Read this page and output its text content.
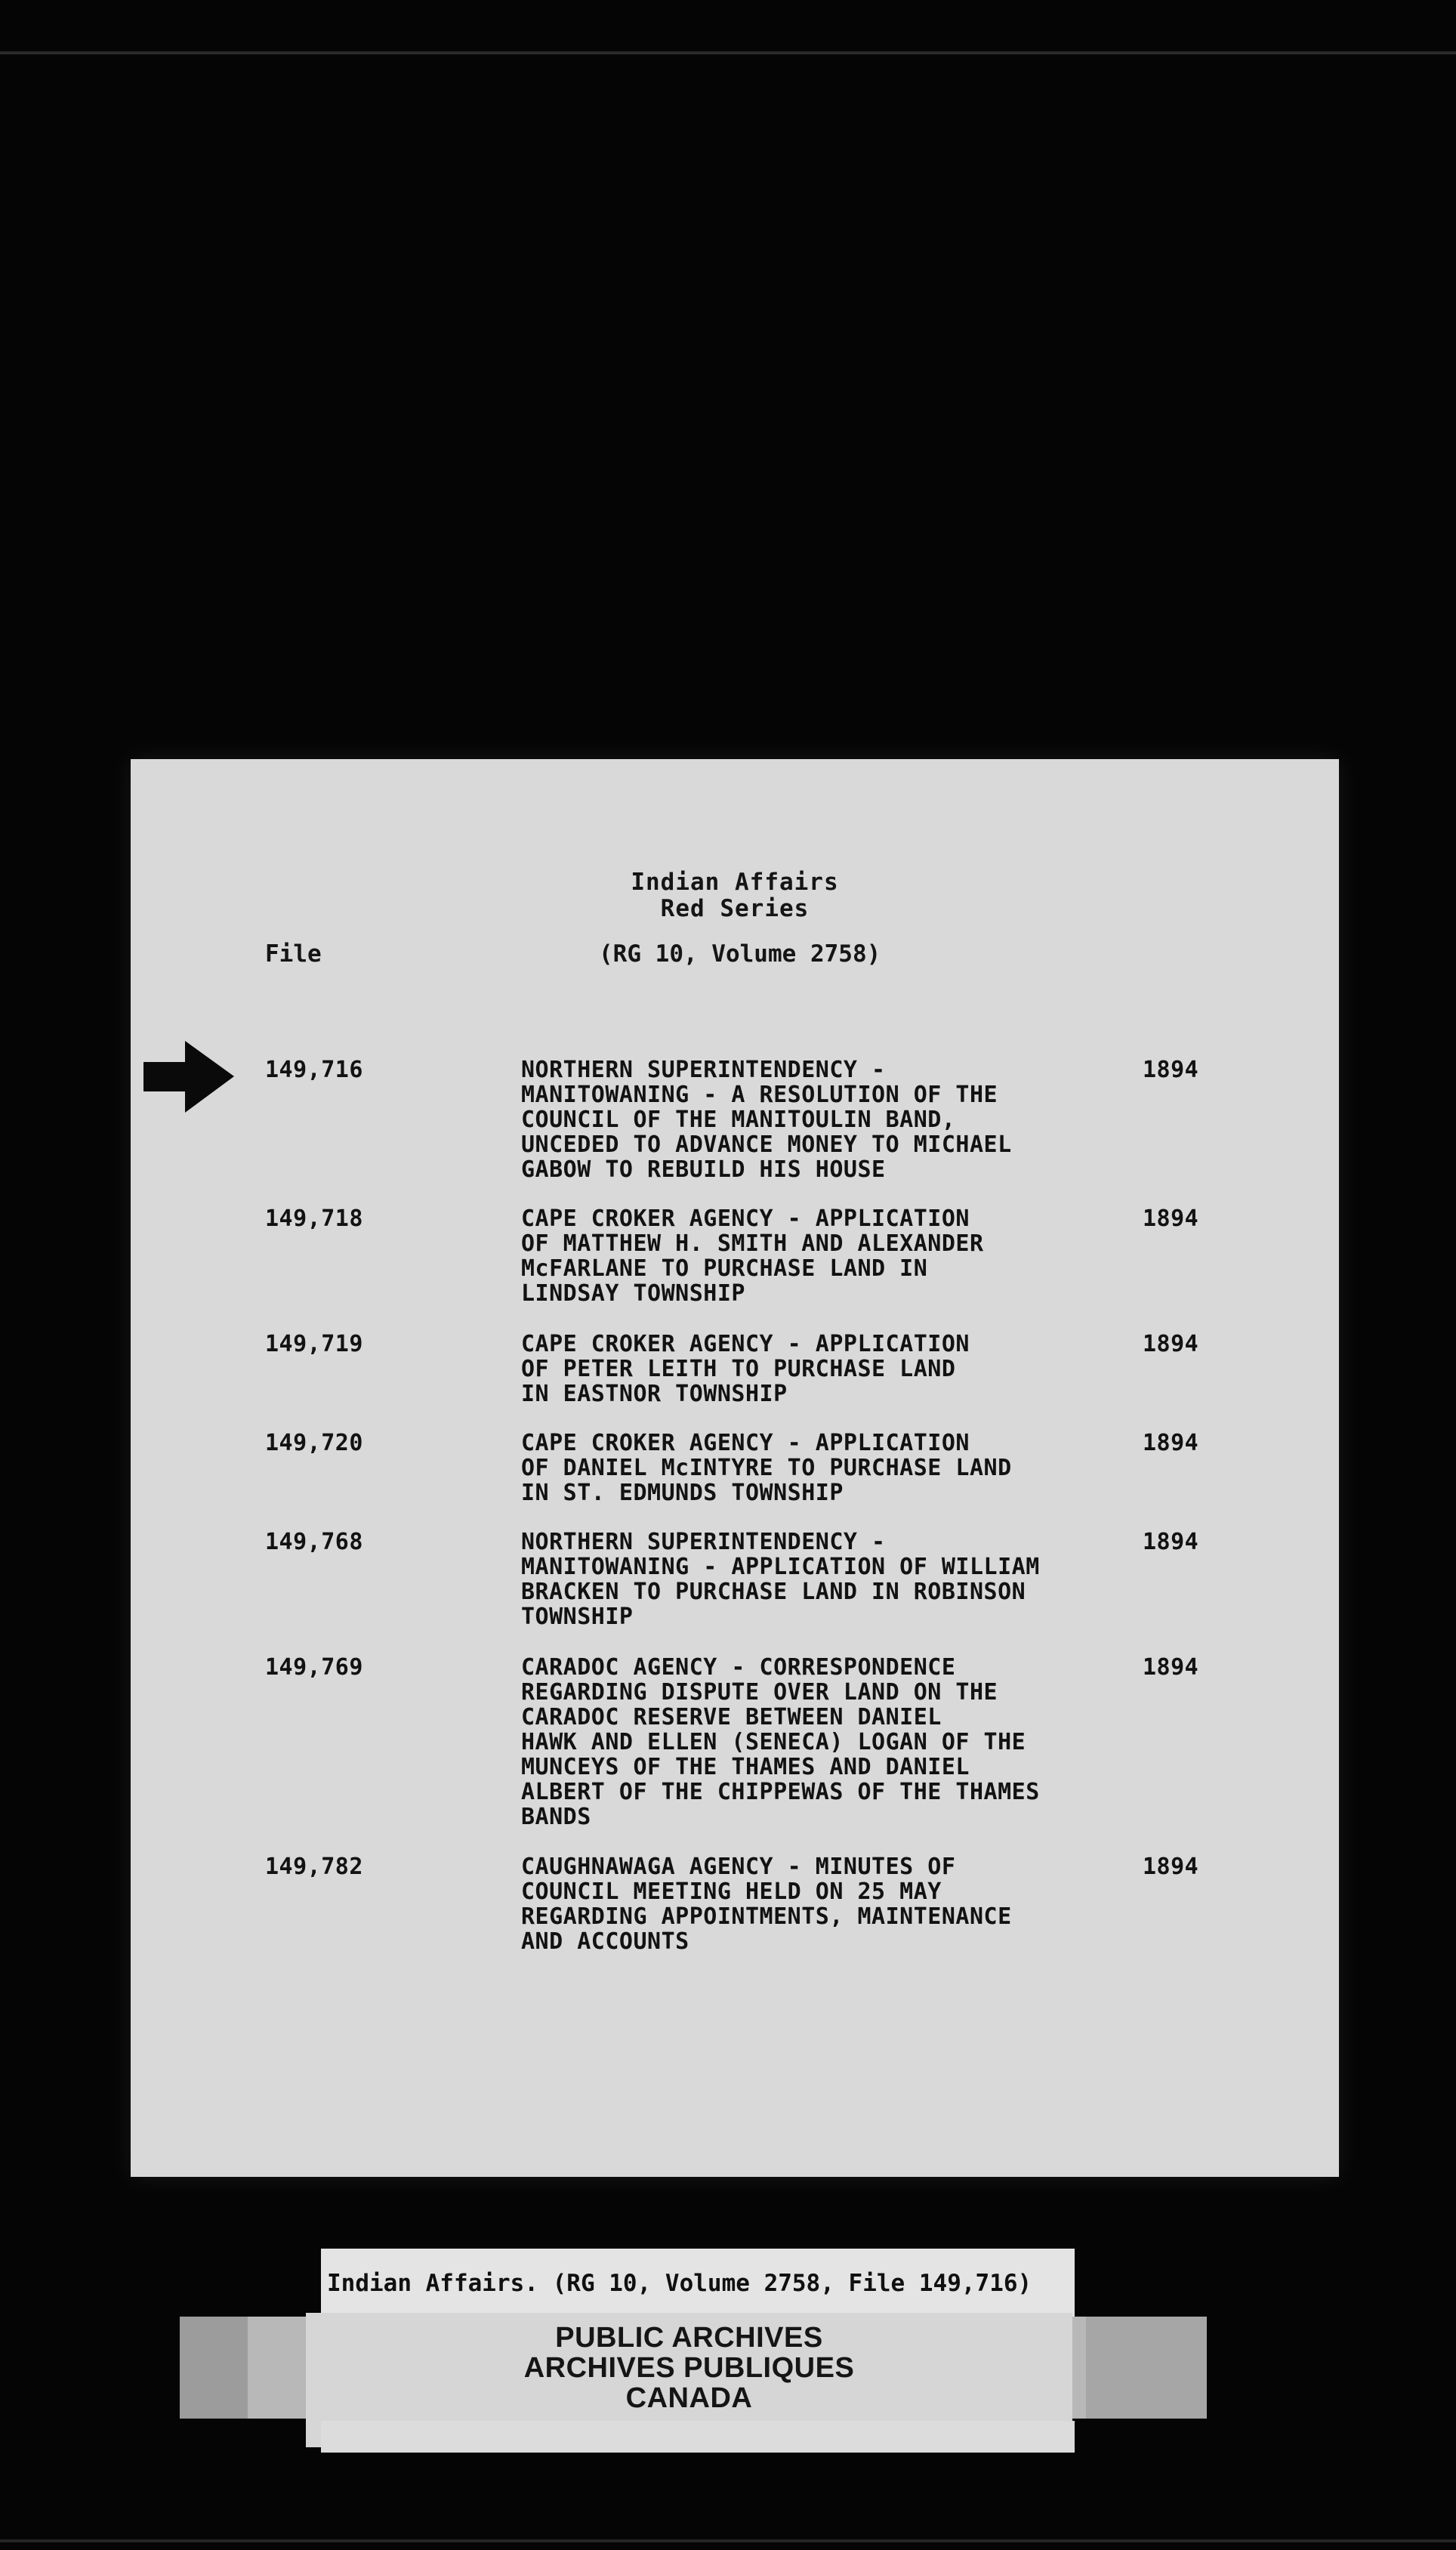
Indian Affairs
Red Series
File	(RG 10, Volume 2758)
149,716	NORTHERN SUPERINTENDENCY -
MANITOWANING - A RESOLUTION OF THE
COUNCIL OF THE MANITOULIN BAND,
UNCEDED TO ADVANCE MONEY TO MICHAEL
GABOW TO REBUILD HIS HOUSE
1894
149,718	CAPE CROKER AGENCY - APPLICATION
OF MATTHEW H. SMITH AND ALEXANDER
McFARLANE TO PURCHASE LAND IN
LINDSAY TOWNSHIP
1894
149,719	CAPE CROKER AGENCY - APPLICATION
OF PETER LEITH TO PURCHASE LAND
IN EASTNOR TOWNSHIP
1894
149,720	CAPE CROKER AGENCY - APPLICATION
OF DANIEL McINTYRE TO PURCHASE LAND
IN ST. EDMUNDS TOWNSHIP
1894
149,768	NORTHERN SUPERINTENDENCY -
MANITOWANING - APPLICATION OF WILLIAM
BRACKEN TO PURCHASE LAND IN ROBINSON
TOWNSHIP
1894
149,769	CARADOC AGENCY - CORRESPONDENCE
REGARDING DISPUTE OVER LAND ON THE
CARADOC RESERVE BETWEEN DANIEL
HAWK AND ELLEN (SENECA) LOGAN OF THE
MUNCEYS OF THE THAMES AND DANIEL
ALBERT OF THE CHIPPEWAS OF THE THAMES
BANDS
1894
149,782	CAUGHNAWAGA AGENCY - MINUTES OF
COUNCIL MEETING HELD ON 25 MAY
REGARDING APPOINTMENTS, MAINTENANCE
AND ACCOUNTS
1894
Indian Affairs. (RG 10, Volume 2758, File 149,716)
PUBLIC ARCHIVES
ARCHIVES PUBLIQUES
CANADA
